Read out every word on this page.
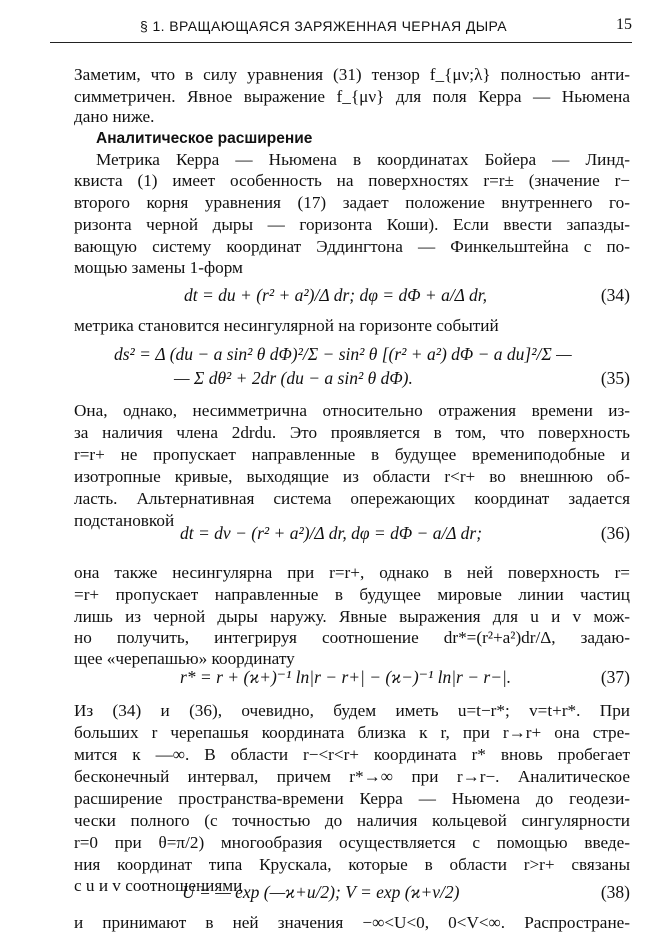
§ 1. ВРАЩАЮЩАЯСЯ ЗАРЯЖЕННАЯ ЧЕРНАЯ ДЫРА	15
Заметим, что в силу уравнения (31) тензор f_{μν;λ} полностью анти-
симметричен. Явное выражение f_{μν} для поля Керра — Ньюмена
дано ниже.
Аналитическое расширение
Метрика Керра — Ньюмена в координатах Бойера — Линд-
квиста (1) имеет особенность на поверхностях r=r± (значение r−
второго корня уравнения (17) задает положение внутреннего го-
ризонта черной дыры — горизонта Коши). Если ввести запазды-
вающую систему координат Эддингтона — Финкельштейна с по-
мощью замены 1-форм
dt = du + (r² + a²)/Δ dr; dφ = dΦ + a/Δ dr,	(34)
метрика становится несингулярной на горизонте событий
ds² = Δ (du − a sin² θ dΦ)²/Σ − sin² θ [(r² + a²) dΦ − a du]²/Σ —
— Σ dθ² + 2dr (du − a sin² θ dΦ).	(35)
Она, однако, несимметрична относительно отражения времени из-
за наличия члена 2drdu. Это проявляется в том, что поверхность
r=r+ не пропускает направленные в будущее времениподобные и
изотропные кривые, выходящие из области r<r+ во внешнюю об-
ласть. Альтернативная система опережающих координат задается
подстановкой
dt = dv − (r² + a²)/Δ dr, dφ = dΦ − a/Δ dr;	(36)
она также несингулярна при r=r+, однако в ней поверхность r=
=r+ пропускает направленные в будущее мировые линии частиц
лишь из черной дыры наружу. Явные выражения для u и v мож-
но получить, интегрируя соотношение dr*=(r²+a²)dr/Δ, задаю-
щее «черепашью» координату
r* = r + (ϰ+)⁻¹ ln|r − r+| − (ϰ−)⁻¹ ln|r − r−|.	(37)
Из (34) и (36), очевидно, будем иметь u=t−r*; v=t+r*. При
больших r черепашья координата близка к r, при r→r+ она стре-
мится к —∞. В области r−<r<r+ координата r* вновь пробегает
бесконечный интервал, причем r*→∞ при r→r−. Аналитическое
расширение пространства-времени Керра — Ньюмена до геодези-
чески полного (с точностью до наличия кольцевой сингулярности
r=0 при θ=π/2) многообразия осуществляется с помощью введе-
ния координат типа Крускала, которые в области r>r+ связаны
с u и v соотношениями
U = — exp (—ϰ+u/2); V = exp (ϰ+v/2)	(38)
и принимают в ней значения −∞<U<0, 0<V<∞. Распростране-
